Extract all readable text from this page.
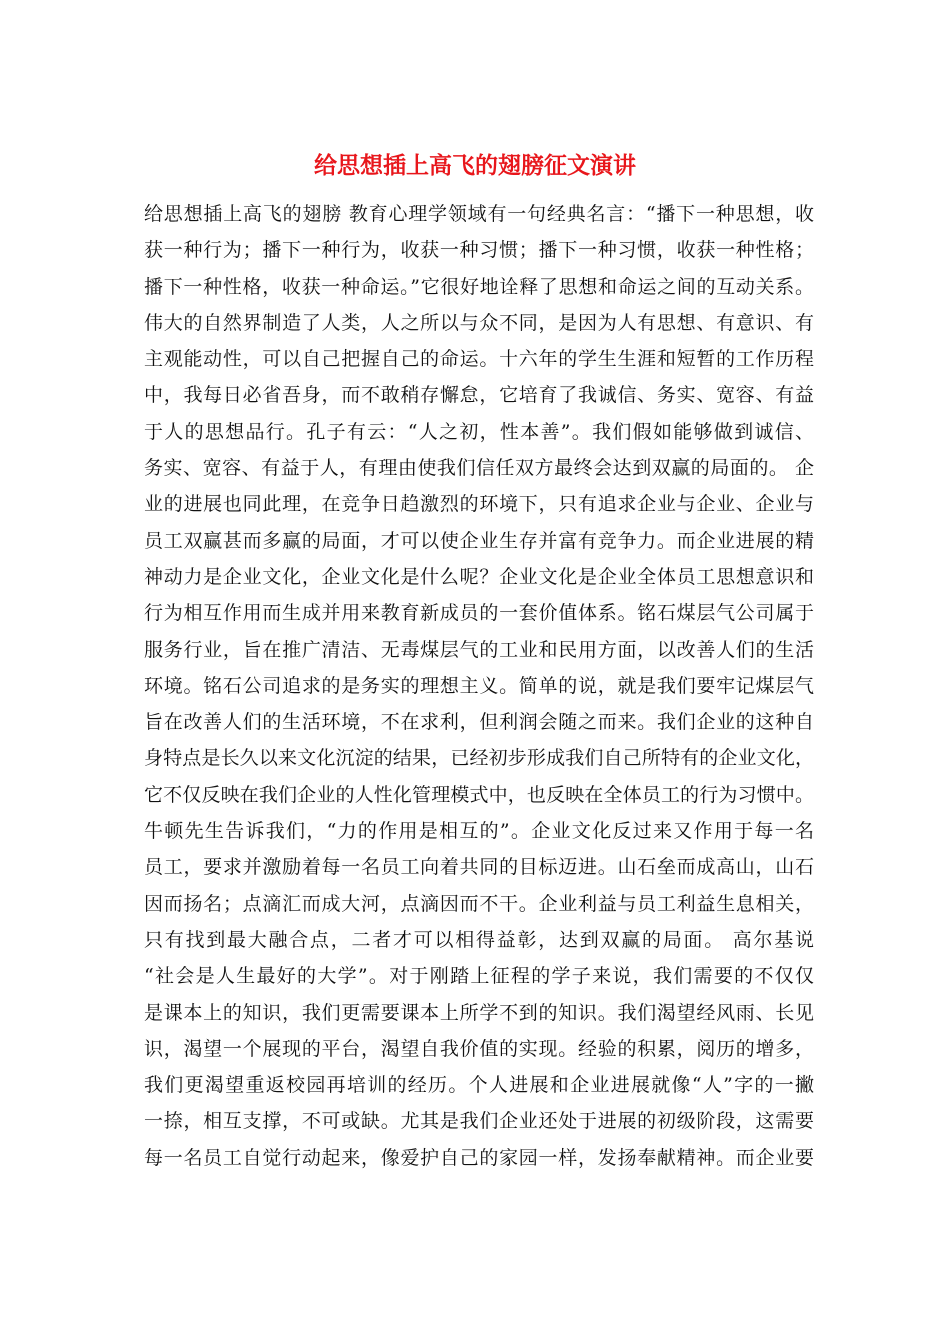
给思想插上高飞的翅膀征文演讲
给思想插上高飞的翅膀 教育心理学领域有一句经典名言：“播下一种思想，收
获一种行为；播下一种行为，收获一种习惯；播下一种习惯，收获一种性格；
播下一种性格，收获一种命运。”它很好地诠释了思想和命运之间的互动关系。
伟大的自然界制造了人类，人之所以与众不同，是因为人有思想、有意识、有
主观能动性，可以自己把握自己的命运。十六年的学生生涯和短暂的工作历程
中，我每日必省吾身，而不敢稍存懈怠，它培育了我诚信、务实、宽容、有益
于人的思想品行。孔子有云：“人之初，性本善”。我们假如能够做到诚信、
务实、宽容、有益于人，有理由使我们信任双方最终会达到双赢的局面的。 企
业的进展也同此理，在竞争日趋激烈的环境下，只有追求企业与企业、企业与
员工双赢甚而多赢的局面，才可以使企业生存并富有竞争力。而企业进展的精
神动力是企业文化，企业文化是什么呢？企业文化是企业全体员工思想意识和
行为相互作用而生成并用来教育新成员的一套价值体系。铭石煤层气公司属于
服务行业，旨在推广清洁、无毒煤层气的工业和民用方面，以改善人们的生活
环境。铭石公司追求的是务实的理想主义。简单的说，就是我们要牢记煤层气
旨在改善人们的生活环境，不在求利，但利润会随之而来。我们企业的这种自
身特点是长久以来文化沉淀的结果，已经初步形成我们自己所特有的企业文化，
它不仅反映在我们企业的人性化管理模式中，也反映在全体员工的行为习惯中。
牛顿先生告诉我们，“力的作用是相互的”。企业文化反过来又作用于每一名
员工，要求并激励着每一名员工向着共同的目标迈进。山石垒而成高山，山石
因而扬名；点滴汇而成大河，点滴因而不干。企业利益与员工利益生息相关，
只有找到最大融合点，二者才可以相得益彰，达到双赢的局面。 高尔基说
“社会是人生最好的大学”。对于刚踏上征程的学子来说，我们需要的不仅仅
是课本上的知识，我们更需要课本上所学不到的知识。我们渴望经风雨、长见
识，渴望一个展现的平台，渴望自我价值的实现。经验的积累，阅历的增多，
我们更渴望重返校园再培训的经历。个人进展和企业进展就像“人”字的一撇
一捺，相互支撑，不可或缺。尤其是我们企业还处于进展的初级阶段，这需要
每一名员工自觉行动起来，像爱护自己的家园一样，发扬奉献精神。而企业要
